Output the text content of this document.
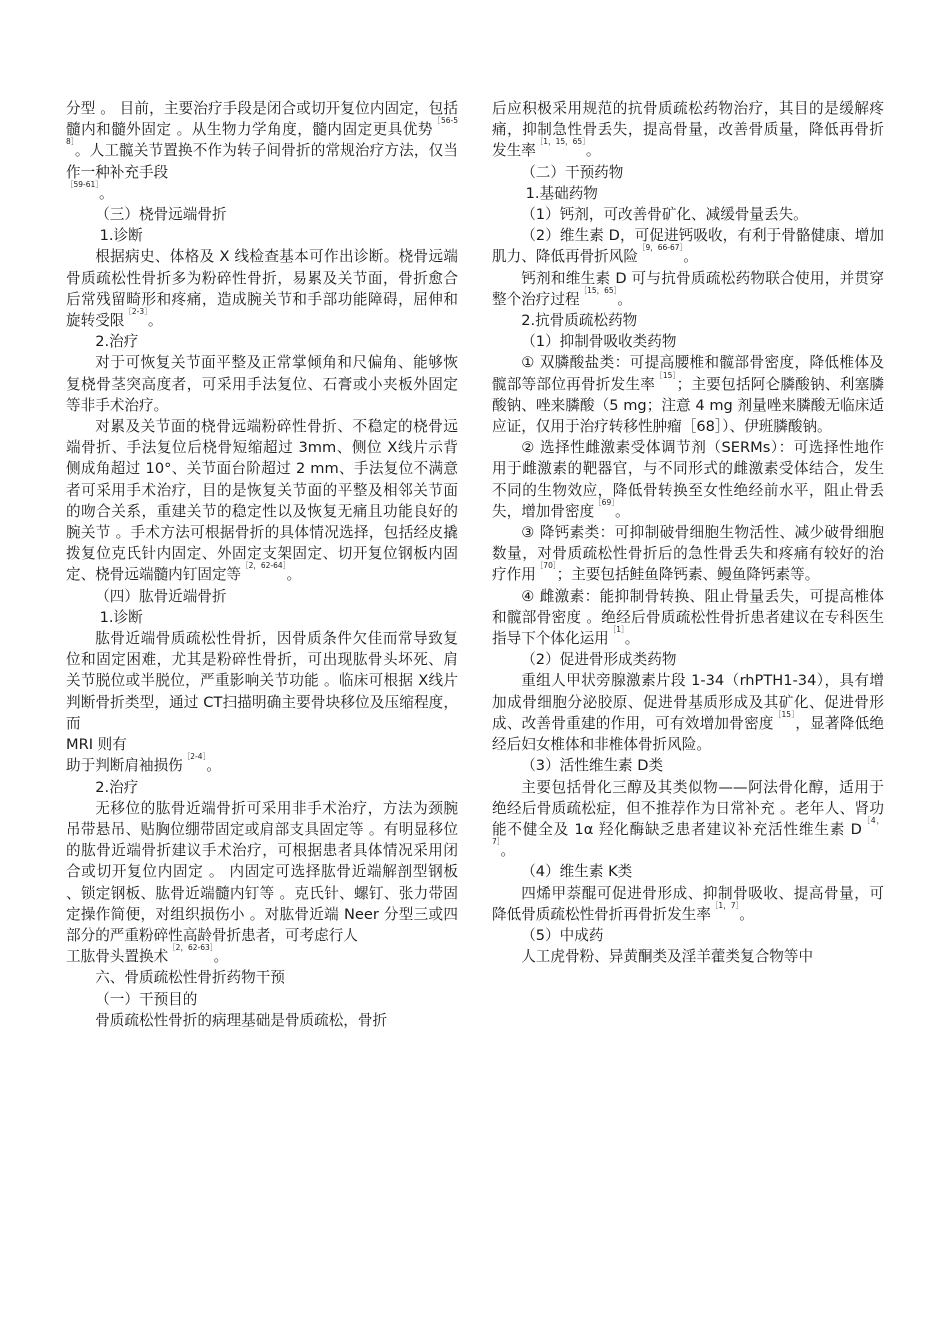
分型 。 目前，主要治疗手段是闭合或切开复位内固定，包括髓内和髓外固定 。从生物力学角度，髓内固定更具优势$^{[56-58]}$。人工髋关节置换不作为转子间骨折的常规治疗方法，仅当作一种补充手段

$^{[59-61]}$。

（三）桡骨远端骨折

1.诊断

根据病史、体格及 X 线检查基本可作出诊断。桡骨远端骨质疏松性骨折多为粉碎性骨折，易累及关节面，骨折愈合后常残留畸形和疼痛，造成腕关节和手部功能障碍，屈伸和旋转受限$^{[2-3]}$。

2.治疗

对于可恢复关节面平整及正常掌倾角和尺偏角、能够恢复桡骨茎突高度者，可采用手法复位、石膏或小夹板外固定等非手术治疗。

对累及关节面的桡骨远端粉碎性骨折、不稳定的桡骨远端骨折、手法复位后桡骨短缩超过 3mm、侧位 X线片示背侧成角超过 10°、关节面台阶超过 2 mm、手法复位不满意者可采用手术治疗，目的是恢复关节面的平整及相邻关节面的吻合关系，重建关节的稳定性以及恢复无痛且功能良好的腕关节 。手术方法可根据骨折的具体情况选择，包括经皮撬拨复位克氏针内固定、外固定支架固定、切开复位钢板内固定、桡骨远端髓内钉固定等$^{[2,62-64]}$。

（四）肱骨近端骨折

1.诊断

肱骨近端骨质疏松性骨折，因骨质条件欠佳而常导致复位和固定困难，尤其是粉碎性骨折，可出现肱骨头坏死、肩关节脱位或半脱位，严重影响关节功能 。临床可根据 X线片判断骨折类型，通过 CT扫描明确主要骨块移位及压缩程度，而

MRI 则有

助于判断肩袖损伤$^{[2-4]}$。

2.治疗

无移位的肱骨近端骨折可采用非手术治疗，方法为颈腕吊带悬吊、贴胸位绷带固定或肩部支具固定等 。有明显移位的肱骨近端骨折建议手术治疗，可根据患者具体情况采用闭合或切开复位内固定 。 内固定可选择肱骨近端解剖型钢板 、锁定钢板、肱骨近端髓内钉等 。克氏针、螺钉、张力带固定操作简便，对组织损伤小 。对肱骨近端 Neer 分型三或四部分的严重粉碎性高龄骨折患者，可考虑行人

工肱骨头置换术$^{[2,62-63]}$。

六、骨质疏松性骨折药物干预

（一）干预目的

骨质疏松性骨折的病理基础是骨质疏松，骨折

后应积极采用规范的抗骨质疏松药物治疗，其目的是缓解疼痛，抑制急性骨丢失，提高骨量，改善骨质量，降低再骨折发生率$^{[1,15,65]}$。

（二）干预药物

1.基础药物

（1）钙剂，可改善骨矿化、减缓骨量丢失。

（2）维生素 D，可促进钙吸收，有利于骨骼健康、增加肌力、降低再骨折风险$^{[9,66-67]}$。

钙剂和维生素 D 可与抗骨质疏松药物联合使用，并贯穿整个治疗过程$^{[15,65]}$。

2.抗骨质疏松药物

（1）抑制骨吸收类药物

① 双膦酸盐类：可提高腰椎和髋部骨密度，降低椎体及髋部等部位再骨折发生率$^{[15]}$；主要包括阿仑膦酸钠、利塞膦酸钠、唑来膦酸（5 mg；注意 4 mg 剂量唑来膦酸无临床适应证，仅用于治疗转移性肿瘤［68］）、伊班膦酸钠。

② 选择性雌激素受体调节剂（SERMs）：可选择性地作用于雌激素的靶器官，与不同形式的雌激素受体结合，发生不同的生物效应，降低骨转换至女性绝经前水平，阻止骨丢失，增加骨密度$^{[69]}$。

③ 降钙素类：可抑制破骨细胞生物活性、减少破骨细胞数量，对骨质疏松性骨折后的急性骨丢失和疼痛有较好的治疗作用$^{[70]}$；主要包括鲑鱼降钙素、鳗鱼降钙素等。

④ 雌激素：能抑制骨转换、阻止骨量丢失，可提高椎体和髋部骨密度 。绝经后骨质疏松性骨折患者建议在专科医生指导下个体化运用$^{[1]}$。

（2）促进骨形成类药物

重组人甲状旁腺激素片段 1-34（rhPTH1-34），具有增加成骨细胞分泌胶原、促进骨基质形成及其矿化、促进骨形成、改善骨重建的作用，可有效增加骨密度$^{[15]}$，显著降低绝经后妇女椎体和非椎体骨折风险。

（3）活性维生素 D类

主要包括骨化三醇及其类似物——阿法骨化醇，适用于绝经后骨质疏松症，但不推荐作为日常补充 。老年人、肾功能不健全及 1α 羟化酶缺乏患者建议补充活性维生素 $D^{[4,7]}$。

（4）维生素 K类

四烯甲萘醌可促进骨形成、抑制骨吸收、提高骨量，可降低骨质疏松性骨折再骨折发生率$^{[1,7]}$。

（5）中成药

人工虎骨粉、异黄酮类及淫羊藿类复合物等中
